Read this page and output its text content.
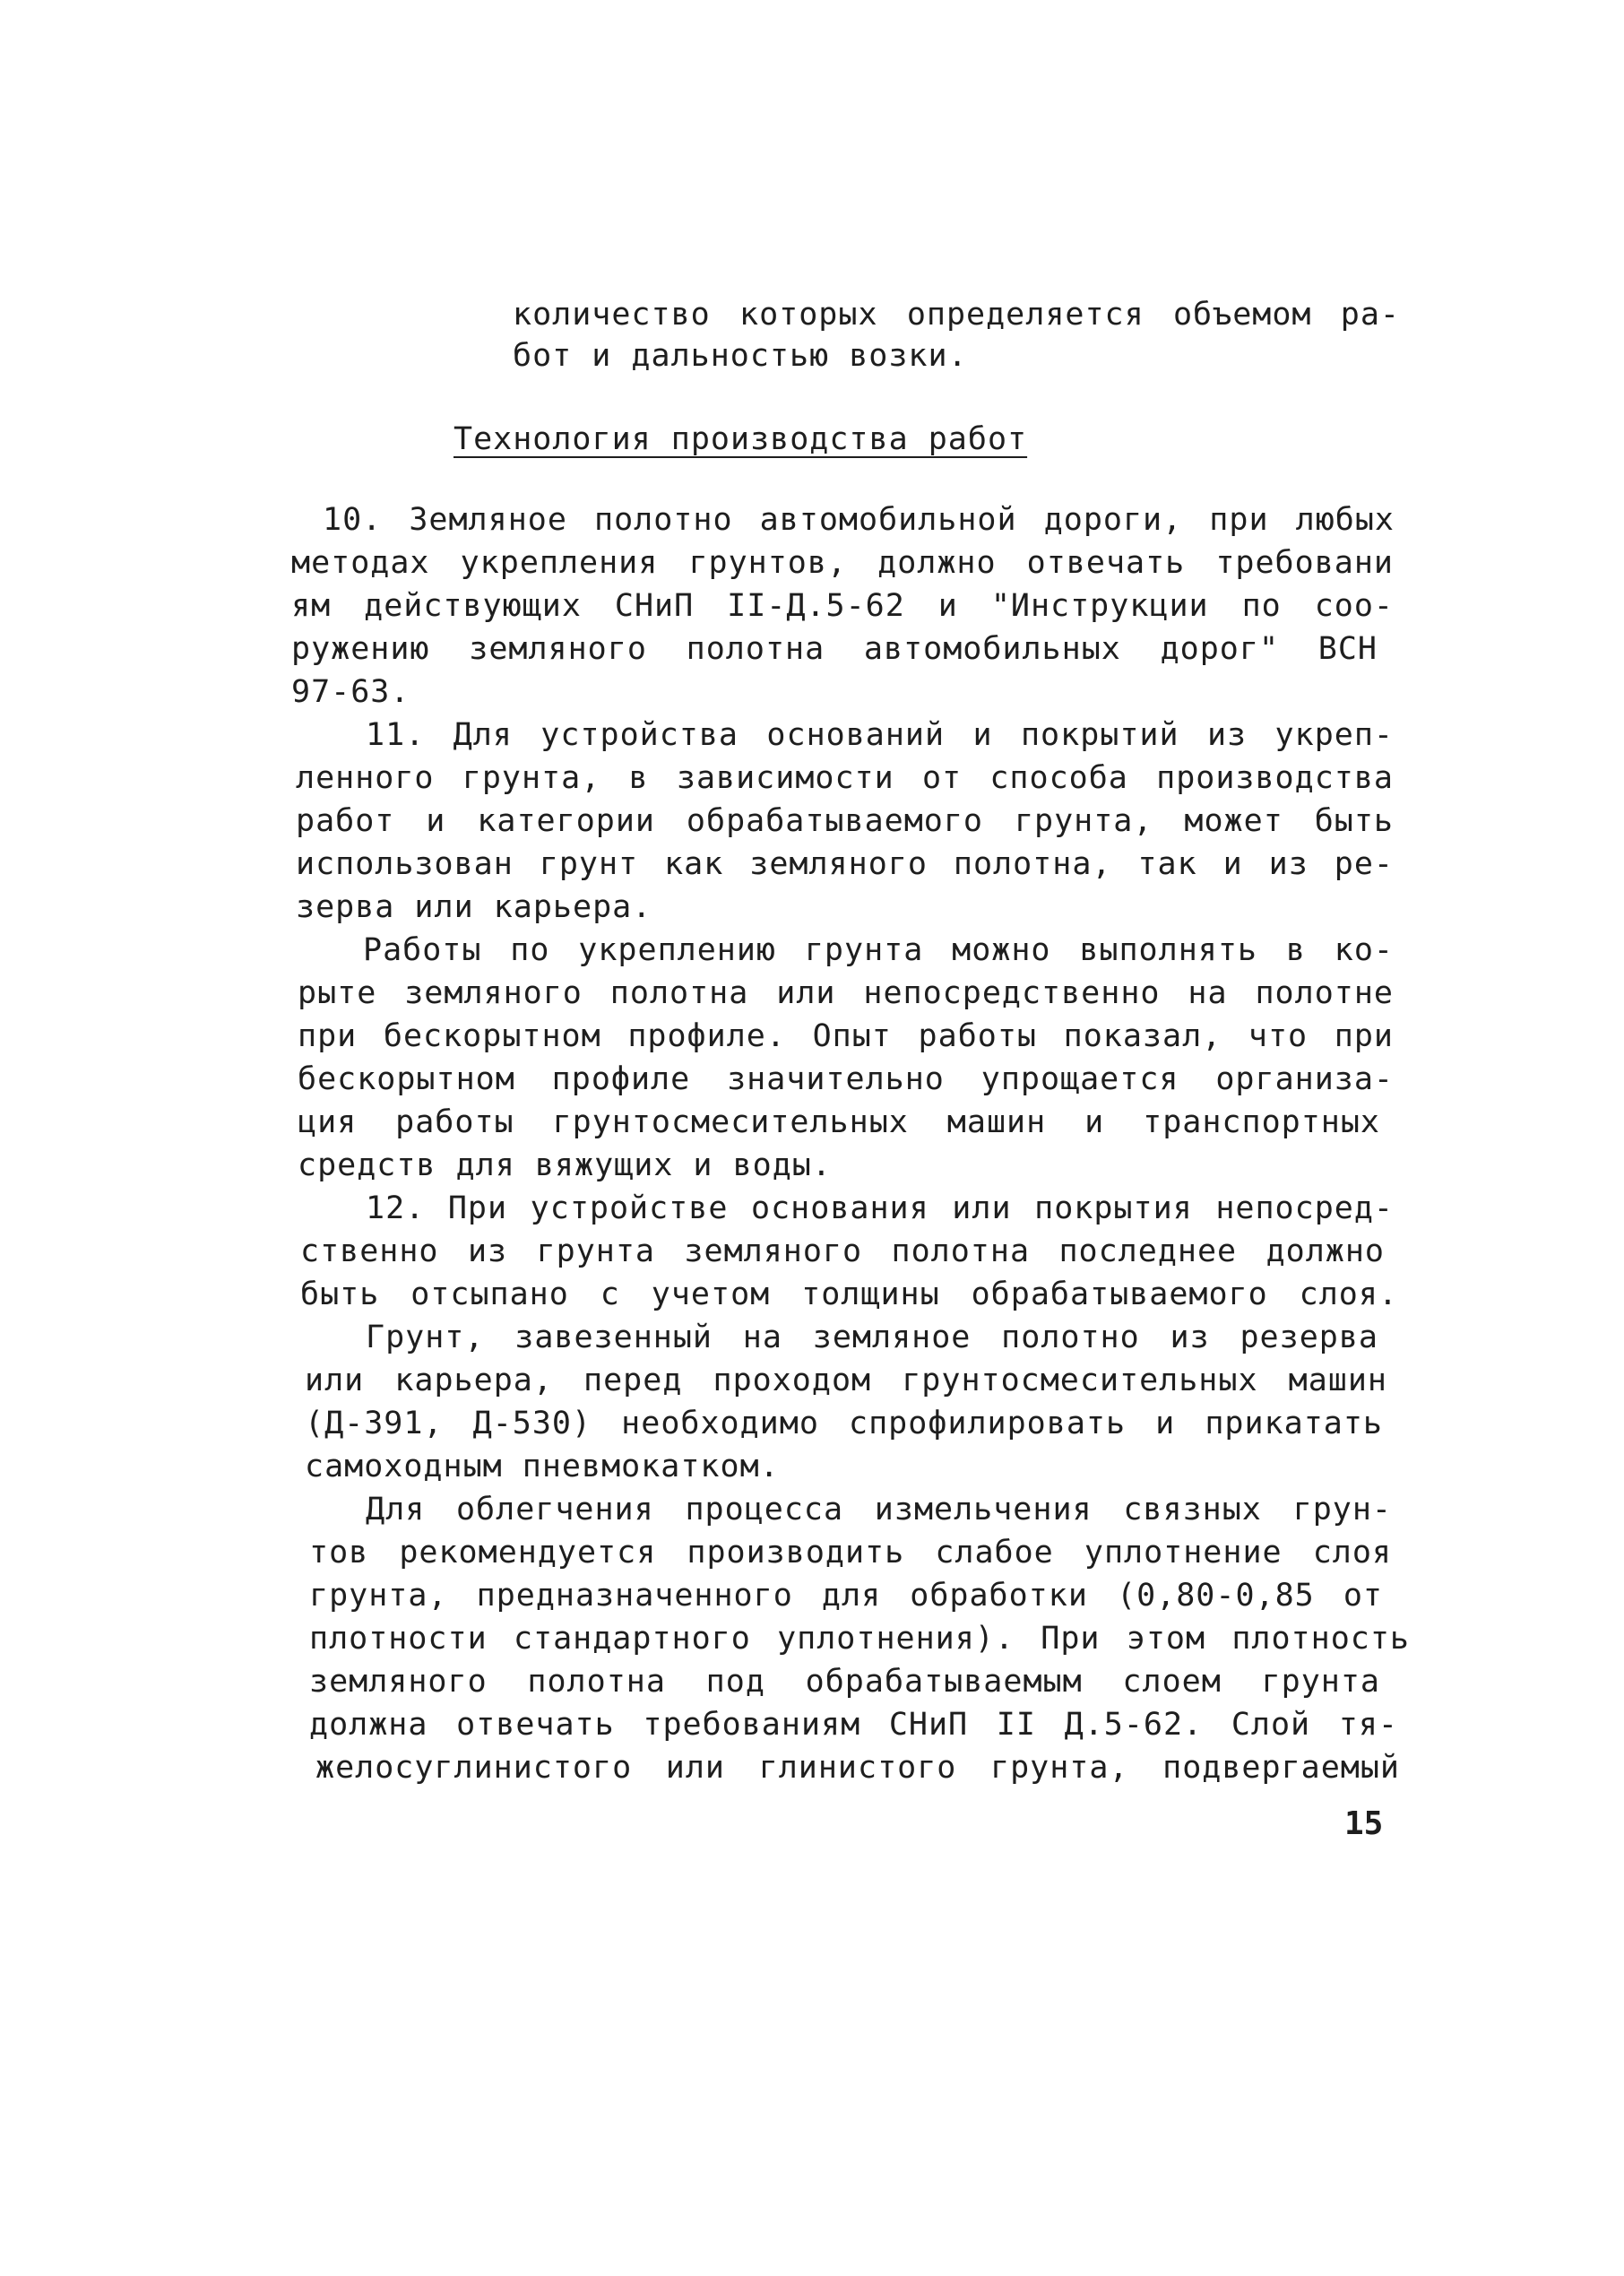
количество которых определяется объемом ра-
бот и дальностью возки.
Технология производства работ
10. Земляное полотно автомобильной дороги, при любых
методах укрепления грунтов, должно отвечать требовани
ям действующих СНиП II-Д.5-62 и "Инструкции по соо-
ружению земляного полотна автомобильных дорог" ВСН
97-63.
11. Для устройства оснований и покрытий из укреп-
ленного грунта, в зависимости от способа производства
работ и категории обрабатываемого грунта, может быть
использован грунт как земляного полотна, так и из ре-
зерва или карьера.
Работы по укреплению грунта можно выполнять в ко-
рыте земляного полотна или непосредственно на полотне
при бескорытном профиле. Опыт работы показал, что при
бескорытном профиле значительно упрощается организа-
ция работы грунтосмесительных машин и транспортных
средств для вяжущих и воды.
12. При устройстве основания или покрытия непосред-
ственно из грунта земляного полотна последнее должно
быть отсыпано с учетом толщины обрабатываемого слоя.
Грунт, завезенный на земляное полотно из резерва
или карьера, перед проходом грунтосмесительных машин
(Д-391, Д-530) необходимо спрофилировать и прикатать
самоходным пневмокатком.
Для облегчения процесса измельчения связных грун-
тов рекомендуется производить слабое уплотнение слоя
грунта, предназначенного для обработки (0,80-0,85 от
плотности стандартного уплотнения). При этом плотность
земляного полотна под обрабатываемым слоем грунта
должна отвечать требованиям СНиП II Д.5-62. Слой тя-
желосуглинистого или глинистого грунта, подвергаемый
15
